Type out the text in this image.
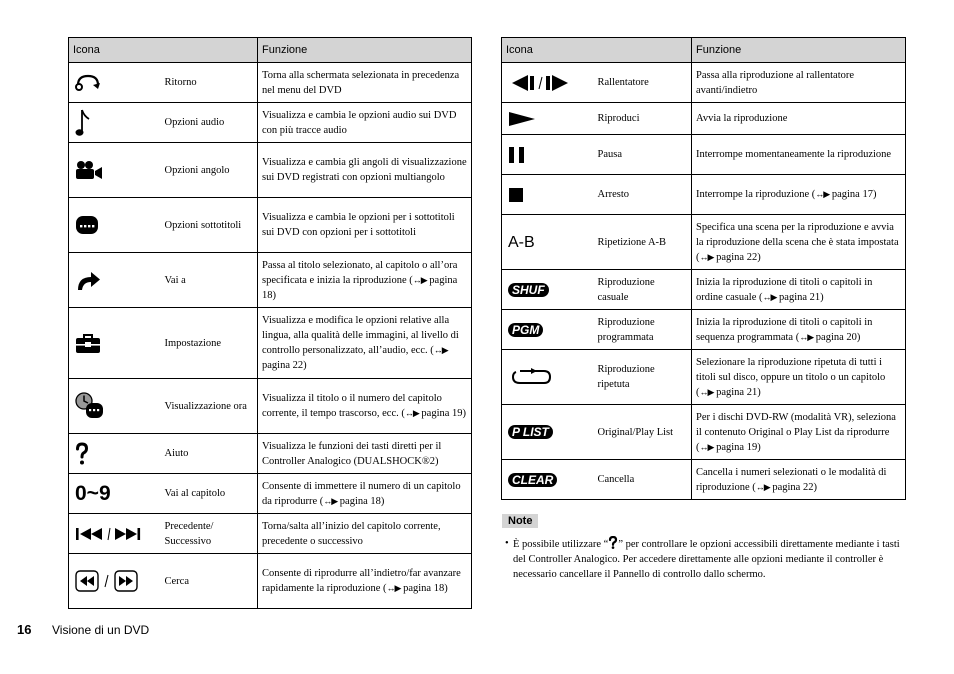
Icona		Funzione

	Ritorno	Torna alla schermata selezionata in precedenza nel menu del DVD

	Opzioni audio	Visualizza e cambia le opzioni audio sui DVD con più tracce audio

	Opzioni angolo	Visualizza e cambia gli angoli di visualizzazione sui DVD registrati con opzioni multiangolo

	Opzioni sottotitoli	Visualizza e cambia le opzioni per i sottotitoli sui DVD con opzioni per i sottotitoli

	Vai a	Passa al titolo selezionato, al capitolo o all’ora specificata e inizia la riproduzione (↔▶ pagina 18)

	Impostazione	Visualizza e modifica le opzioni relative alla lingua, alla qualità delle immagini, al livello di controllo personalizzato, all’audio, ecc. (↔▶ pagina 22)

	Visualizzazione ora	Visualizza il titolo o il numero del capitolo corrente, il tempo trascorso, ecc. (↔▶ pagina 19)

	Aiuto	Visualizza le funzioni dei tasti diretti per il Controller Analogico (DUALSHOCK®2)

0~9	Vai al capitolo	Consente di immettere il numero di un capitolo da riprodurre (↔▶ pagina 18)

	Precedente/ Successivo	Torna/salta all’inizio del capitolo corrente, precedente o successivo

	Cerca	Consente di riprodurre all’indietro/far avanzare rapidamente la riproduzione (↔▶ pagina 18)
Icona		Funzione

	Rallentatore	Passa alla riproduzione al rallentatore avanti/indietro

	Riproduci	Avvia la riproduzione

	Pausa	Interrompe momentaneamente la riproduzione

	Arresto	Interrompe la riproduzione (↔▶ pagina 17)

A-B	Ripetizione A-B	Specifica una scena per la riproduzione e avvia la riproduzione della scena che è stata impostata (↔▶ pagina 22)

SHUF	Riproduzione casuale	Inizia la riproduzione di titoli o capitoli in ordine casuale (↔▶ pagina 21)

PGM	Riproduzione programmata	Inizia la riproduzione di titoli o capitoli in sequenza programmata (↔▶ pagina 20)

	Riproduzione ripetuta	Selezionare la riproduzione ripetuta di tutti i titoli sul disco, oppure un titolo o un capitolo (↔▶ pagina 21)

P LIST	Original/Play List	Per i dischi DVD-RW (modalità VR), seleziona il contenuto Original o Play List da riprodurre (↔▶ pagina 19)

CLEAR	Cancella	Cancella i numeri selezionati o le modalità di riproduzione (↔▶ pagina 22)
Note
• È possibile utilizzare “ ” per controllare le opzioni accessibili direttamente mediante i tasti del Controller Analogico. Per accedere direttamente alle opzioni mediante il controller è necessario cancellare il Pannello di controllo dallo schermo.
16 Visione di un DVD
